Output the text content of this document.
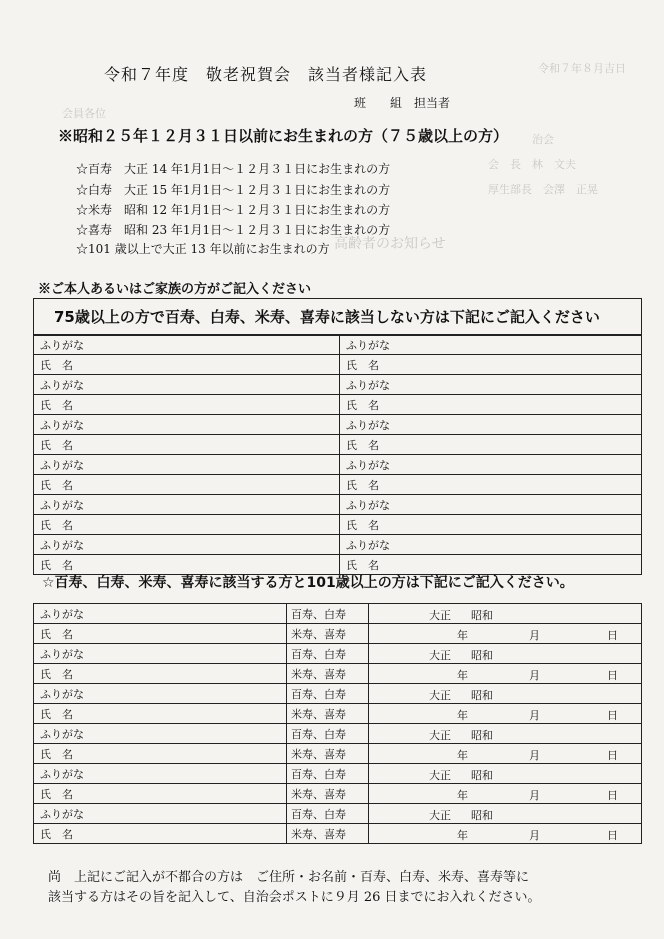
令和７年８月吉日
会員各位
治会
会　長　林　文夫
厚生部長　会澤　正晃
高齢者のお知らせ
令和７年度　敬老祝賀会　該当者様記入表
班　　組　担当者
※昭和２５年１２月３１日以前にお生まれの方（７５歳以上の方）
☆百寿　大正 14 年1月1日～１２月３１日にお生まれの方
☆白寿　大正 15 年1月1日～１２月３１日にお生まれの方
☆米寿　昭和 12 年1月1日～１２月３１日にお生まれの方
☆喜寿　昭和 23 年1月1日～１２月３１日にお生まれの方
☆101 歳以上で大正 13 年以前にお生まれの方
※ご本人あるいはご家族の方がご記入ください
75歳以上の方で百寿、白寿、米寿、喜寿に該当しない方は下記にご記入ください	
ふりがな	ふりがな
氏　名	氏　名
ふりがな	ふりがな
氏　名	氏　名
ふりがな	ふりがな
氏　名	氏　名
ふりがな	ふりがな
氏　名	氏　名
ふりがな	ふりがな
氏　名	氏　名
ふりがな	ふりがな
氏　名	氏　名
☆百寿、白寿、米寿、喜寿に該当する方と101歳以上の方は下記にご記入ください。
ふりがな	百寿、白寿	大正 昭和

氏　名	米寿、喜寿	年 月 日

ふりがな	百寿、白寿	大正 昭和

氏　名	米寿、喜寿	年 月 日

ふりがな	百寿、白寿	大正 昭和

氏　名	米寿、喜寿	年 月 日

ふりがな	百寿、白寿	大正 昭和

氏　名	米寿、喜寿	年 月 日

ふりがな	百寿、白寿	大正 昭和

氏　名	米寿、喜寿	年 月 日

ふりがな	百寿、白寿	大正 昭和

氏　名	米寿、喜寿	年 月 日
尚　上記にご記入が不都合の方は　ご住所・お名前・百寿、白寿、米寿、喜寿等に
該当する方はその旨を記入して、自治会ポストに９月 26 日までにお入れください。
